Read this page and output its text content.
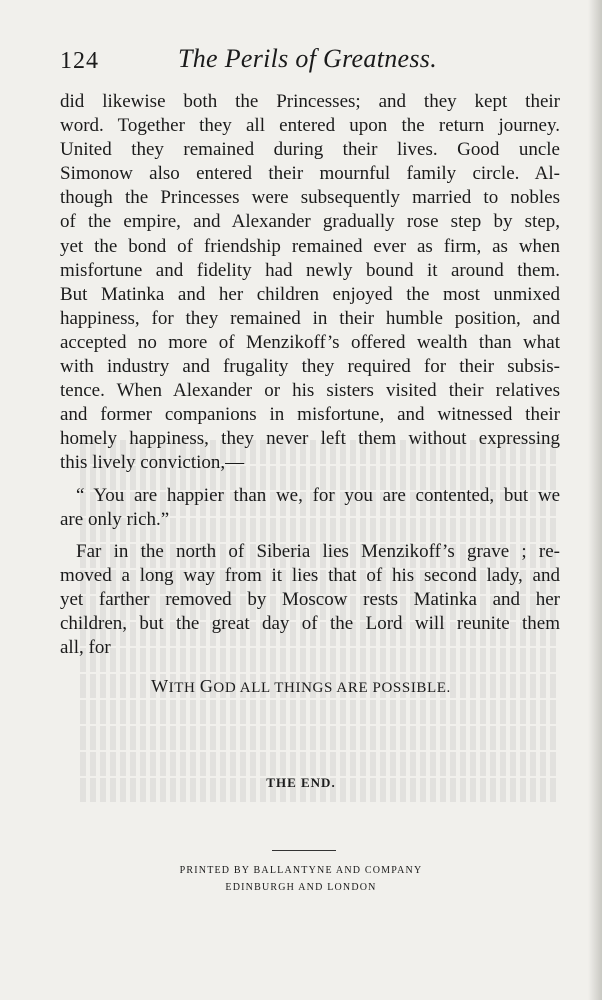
124	The Perils of Greatness.
did likewise both the Princesses; and they kept their
word. Together they all entered upon the return journey.
United they remained during their lives. Good uncle
Simonow also entered their mournful family circle. Al-
though the Princesses were subsequently married to nobles
of the empire, and Alexander gradually rose step by step,
yet the bond of friendship remained ever as firm, as when
misfortune and fidelity had newly bound it around them.
But Matinka and her children enjoyed the most unmixed
happiness, for they remained in their humble position, and
accepted no more of Menzikoff’s offered wealth than what
with industry and frugality they required for their subsis-
tence. When Alexander or his sisters visited their relatives
and former companions in misfortune, and witnessed their
homely happiness, they never left them without expressing
this lively conviction,—
“ You are happier than we, for you are contented, but we
are only rich.”
Far in the north of Siberia lies Menzikoff’s grave ; re-
moved a long way from it lies that of his second lady, and
yet farther removed by Moscow rests Matinka and her
children, but the great day of the Lord will reunite them
all, for
WITH GOD ALL THINGS ARE POSSIBLE.
THE END.
PRINTED BY BALLANTYNE AND COMPANY
EDINBURGH AND LONDON
